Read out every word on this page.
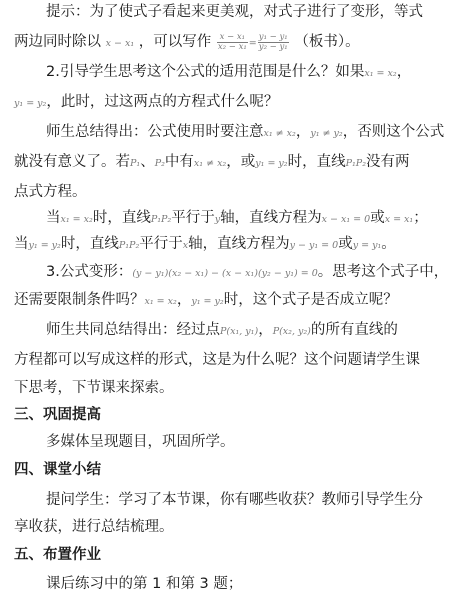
提示：为了使式子看起来更美观，对式子进行了变形，等式
两边同时除以 x − x₁ ，可以写作 $\frac{\text{x − x₁}}{\text{x₂ − x₁}} = \frac{\text{y₁ − y₁}}{\text{y₂ − y₁}}$ （板书）。
2.引导学生思考这个公式的适用范围是什么？如果x₁ = x₂，
y₁ = y₂，此时，过这两点的方程式什么呢？
师生总结得出：公式使用时要注意x₁ ≠ x₂，y₁ ≠ y₂，否则这个公式
就没有意义了。若P₁、P₂中有x₁ ≠ x₂，或y₁ = y₂时，直线P₁P₂没有两
点式方程。
当x₁ = x₂时，直线P₁P₂平行于y轴，直线方程为x − x₁ = 0或x = x₁；
当y₁ = y₂时，直线P₁P₂平行于x轴，直线方程为y − y₁ = 0或y = y₁。
3.公式变形：(y − y₁)(x₂ − x₁) − (x − x₁)(y₂ − y₁) = 0。思考这个式子中，
还需要限制条件吗？x₁ = x₂，y₁ = y₂时，这个式子是否成立呢？
师生共同总结得出：经过点P(x₁, y₁)，P(x₂, y₂)的所有直线的
方程都可以写成这样的形式，这是为什么呢？这个问题请学生课
下思考，下节课来探索。
三、巩固提高
多媒体呈现题目，巩固所学。
四、课堂小结
提问学生：学习了本节课，你有哪些收获？教师引导学生分
享收获，进行总结梳理。
五、布置作业
课后练习中的第 1 和第 3 题；
